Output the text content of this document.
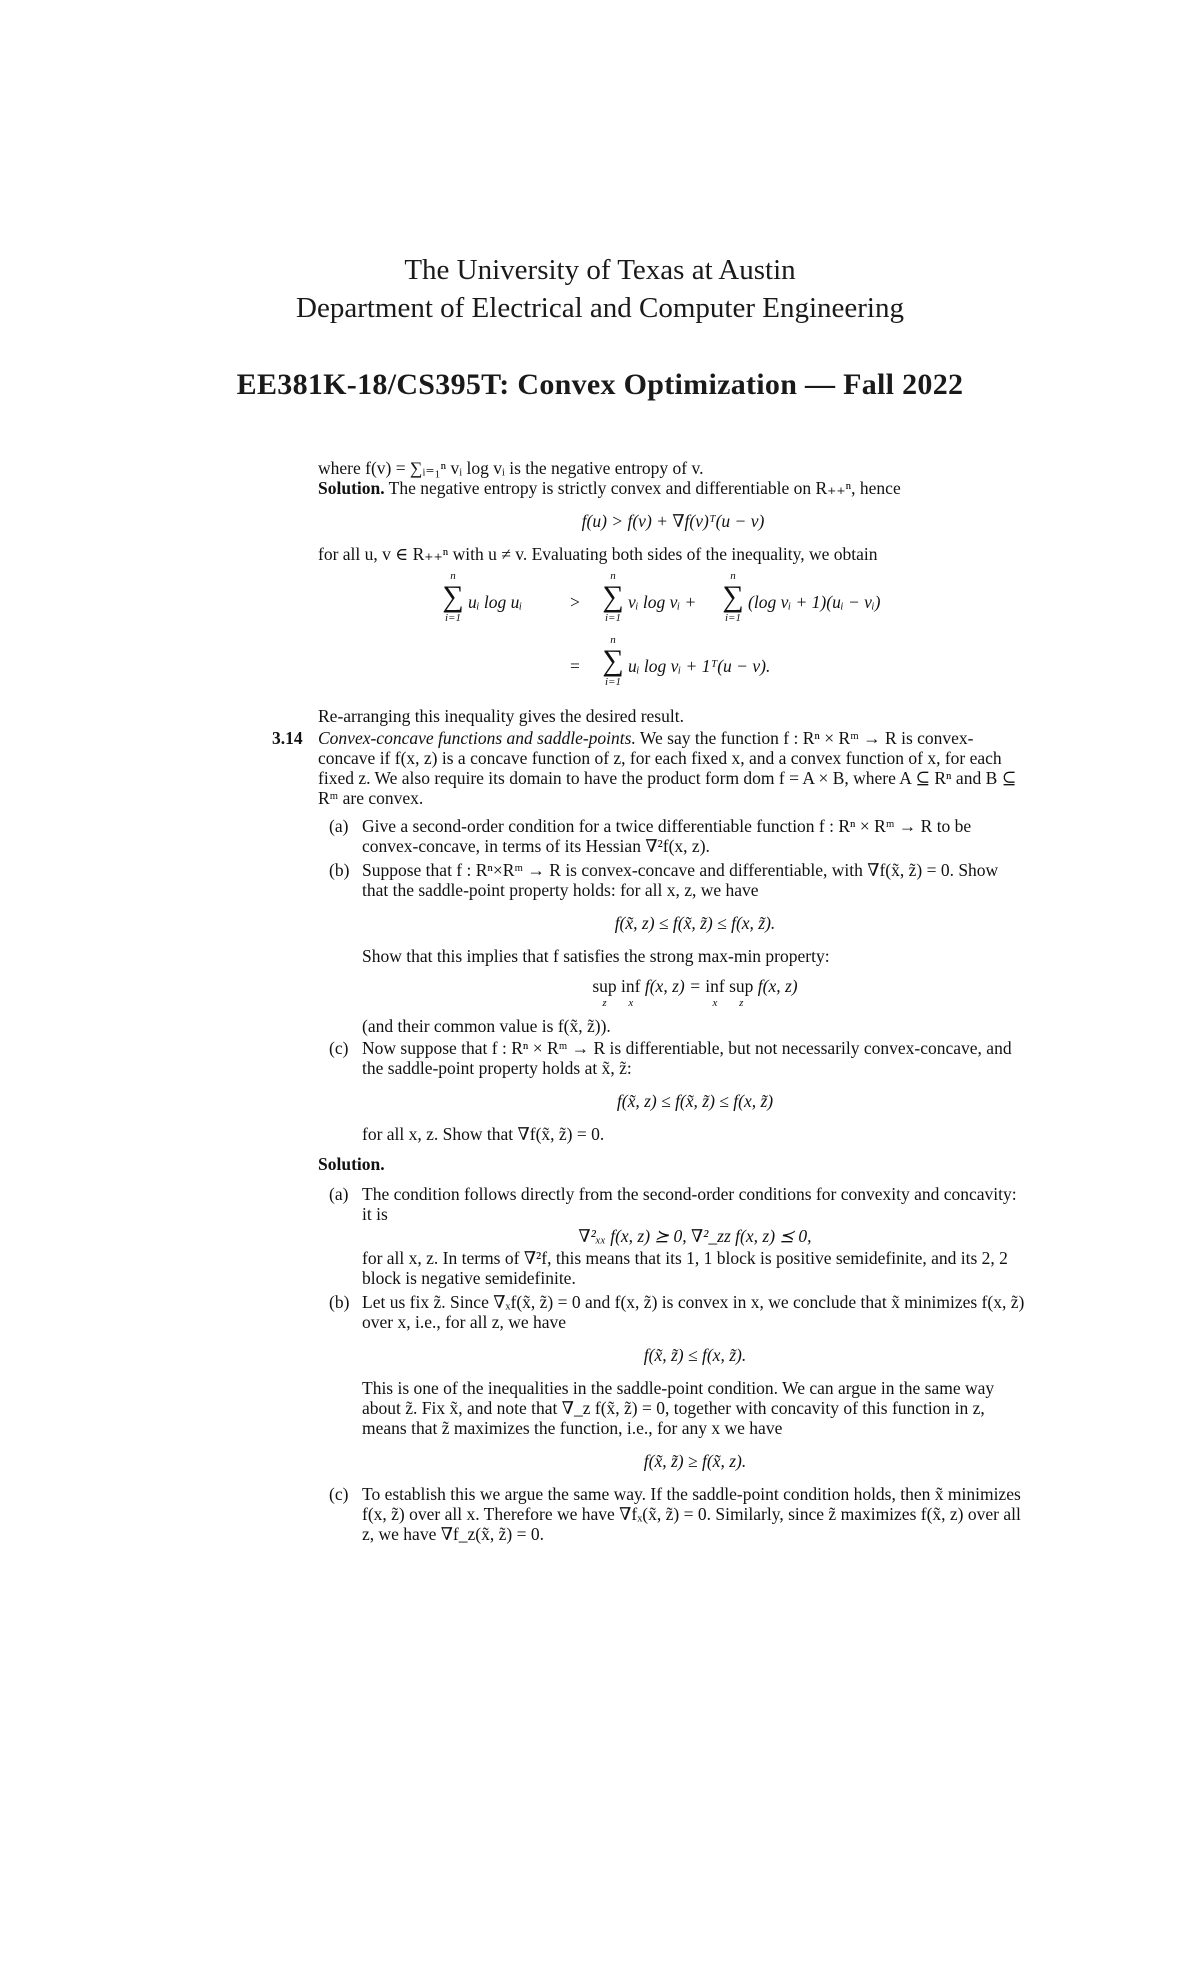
The University of Texas at Austin
Department of Electrical and Computer Engineering
EE381K-18/CS395T: Convex Optimization — Fall 2022

where f(v) = ∑ᵢ₌₁ⁿ vᵢ log vᵢ is the negative entropy of v.

Solution. The negative entropy is strictly convex and differentiable on R₊₊ⁿ, hence

f(u) > f(v) + ∇f(v)ᵀ(u − v)

for all u, v ∈ R₊₊ⁿ with u ≠ v. Evaluating both sides of the inequality, we obtain

n
∑
i=1
uᵢ log uᵢ	>
n
∑
i=1
vᵢ log vᵢ +
n
∑
i=1
(log vᵢ + 1)(uᵢ − vᵢ)
=
n
∑
i=1
uᵢ log vᵢ + 1ᵀ(u − v).

Re-arranging this inequality gives the desired result.

3.14 Convex-concave functions and saddle-points. We say the function f : Rⁿ × Rᵐ → R is convex-concave if f(x, z) is a concave function of z, for each fixed x, and a convex function of x, for each fixed z. We also require its domain to have the product form dom f = A × B, where A ⊆ Rⁿ and B ⊆ Rᵐ are convex.

(a) Give a second-order condition for a twice differentiable function f : Rⁿ × Rᵐ → R to be convex-concave, in terms of its Hessian ∇²f(x, z).

(b) Suppose that f : Rⁿ×Rᵐ → R is convex-concave and differentiable, with ∇f(x̃, z̃) = 0. Show that the saddle-point property holds: for all x, z, we have

f(x̃, z) ≤ f(x̃, z̃) ≤ f(x, z̃).

Show that this implies that f satisfies the strong max-min property:

sup
z
inf
x
f(x, z) = inf
x
sup
z
f(x, z)

(and their common value is f(x̃, z̃)).

(c) Now suppose that f : Rⁿ × Rᵐ → R is differentiable, but not necessarily convex-concave, and the saddle-point property holds at x̃, z̃:

f(x̃, z) ≤ f(x̃, z̃) ≤ f(x, z̃)

for all x, z. Show that ∇f(x̃, z̃) = 0.

Solution.

(a) The condition follows directly from the second-order conditions for convexity and concavity: it is

∇²ₓₓ f(x, z) ⪰ 0, ∇²_zz f(x, z) ⪯ 0,

for all x, z. In terms of ∇²f, this means that its 1, 1 block is positive semidefinite, and its 2, 2 block is negative semidefinite.

(b) Let us fix z̃. Since ∇ₓf(x̃, z̃) = 0 and f(x, z̃) is convex in x, we conclude that x̃ minimizes f(x, z̃) over x, i.e., for all z, we have

f(x̃, z̃) ≤ f(x, z̃).

This is one of the inequalities in the saddle-point condition. We can argue in the same way about z̃. Fix x̃, and note that ∇_z f(x̃, z̃) = 0, together with concavity of this function in z, means that z̃ maximizes the function, i.e., for any x we have

f(x̃, z̃) ≥ f(x̃, z).
(c) To establish this we argue the same way. If the saddle-point condition holds, then x̃ minimizes f(x, z̃) over all x. Therefore we have ∇fₓ(x̃, z̃) = 0. Similarly, since z̃ maximizes f(x̃, z) over all z, we have ∇f_z(x̃, z̃) = 0.
